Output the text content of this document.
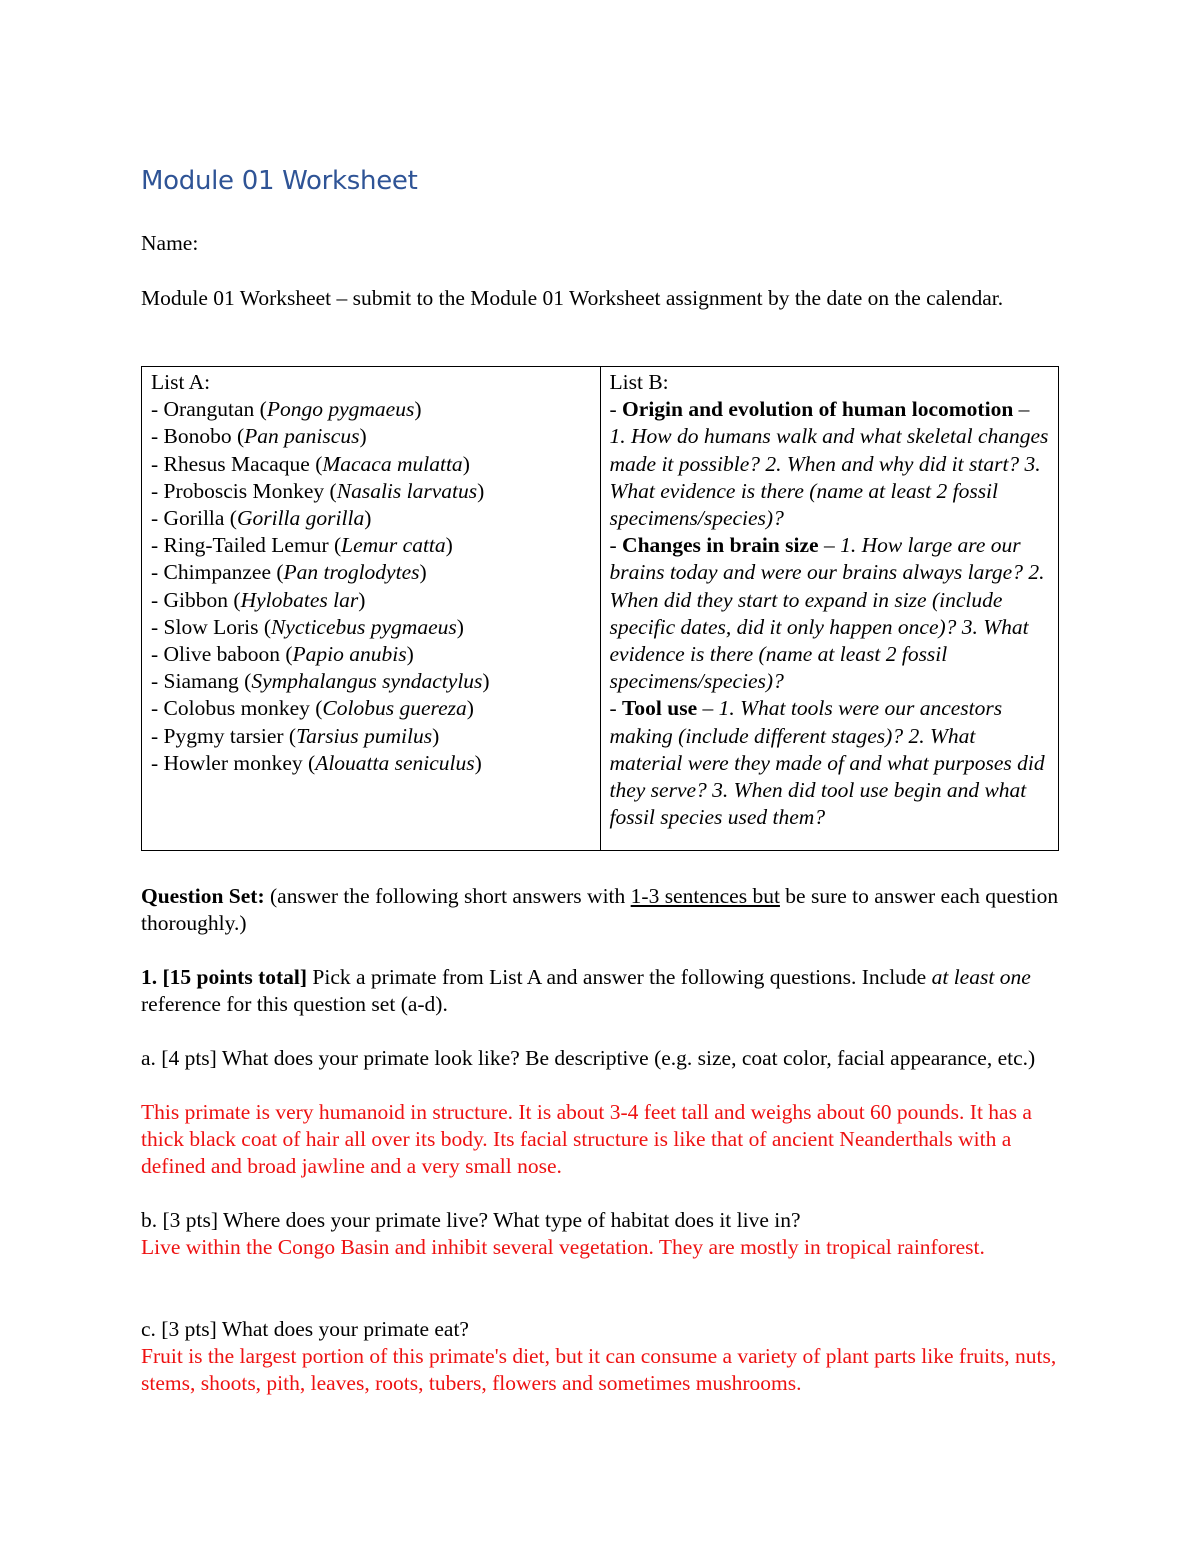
Module 01 Worksheet
Name:
Module 01 Worksheet – submit to the Module 01 Worksheet assignment by the date on the calendar.
List A:
- Orangutan (Pongo pygmaeus)
- Bonobo (Pan paniscus)
- Rhesus Macaque (Macaca mulatta)
- Proboscis Monkey (Nasalis larvatus)
- Gorilla (Gorilla gorilla)
- Ring-Tailed Lemur (Lemur catta)
- Chimpanzee (Pan troglodytes)
- Gibbon (Hylobates lar)
- Slow Loris (Nycticebus pygmaeus)
- Olive baboon (Papio anubis)
- Siamang (Symphalangus syndactylus)
- Colobus monkey (Colobus guereza)
- Pygmy tarsier (Tarsius pumilus)
- Howler monkey (Alouatta seniculus)

List B:
- Origin and evolution of human locomotion – 1. How do humans walk and what skeletal changes made it possible? 2. When and why did it start? 3. What evidence is there (name at least 2 fossil specimens/species)?
- Changes in brain size – 1. How large are our brains today and were our brains always large? 2. When did they start to expand in size (include specific dates, did it only happen once)? 3. What evidence is there (name at least 2 fossil specimens/species)?
- Tool use – 1. What tools were our ancestors making (include different stages)? 2. What material were they made of and what purposes did they serve? 3. When did tool use begin and what fossil species used them?
Question Set: (answer the following short answers with 1-3 sentences but be sure to answer each question thoroughly.)
1. [15 points total] Pick a primate from List A and answer the following questions. Include at least one reference for this question set (a-d).
a. [4 pts] What does your primate look like? Be descriptive (e.g. size, coat color, facial appearance, etc.)
This primate is very humanoid in structure. It is about 3-4 feet tall and weighs about 60 pounds. It has a thick black coat of hair all over its body. Its facial structure is like that of ancient Neanderthals with a defined and broad jawline and a very small nose.
b. [3 pts] Where does your primate live? What type of habitat does it live in?
Live within the Congo Basin and inhibit several vegetation. They are mostly in tropical rainforest.
c. [3 pts] What does your primate eat?
Fruit is the largest portion of this primate's diet, but it can consume a variety of plant parts like fruits, nuts, stems, shoots, pith, leaves, roots, tubers, flowers and sometimes mushrooms.
